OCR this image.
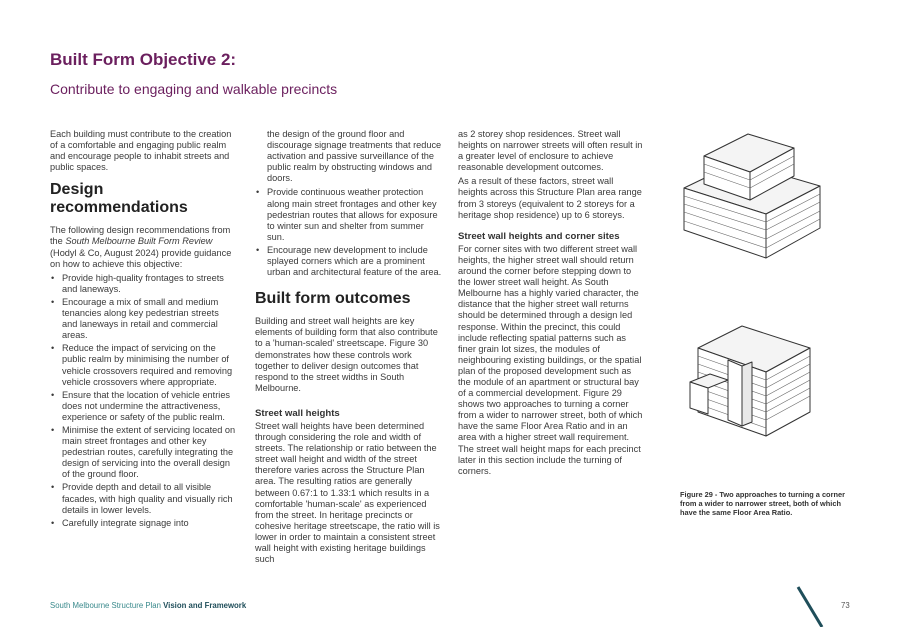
Built Form Objective 2:
Contribute to engaging and walkable precincts

Each building must contribute to the creation of a comfortable and engaging public realm and encourage people to inhabit streets and public spaces.

Design recommendations

The following design recommendations from the South Melbourne Built Form Review (Hodyl & Co, August 2024) provide guidance on how to achieve this objective:

• Provide high-quality frontages to streets and laneways.
• Encourage a mix of small and medium tenancies along key pedestrian streets and laneways in retail and commercial areas.
• Reduce the impact of servicing on the public realm by minimising the number of vehicle crossovers required and removing vehicle crossovers where appropriate.
• Ensure that the location of vehicle entries does not undermine the attractiveness, experience or safety of the public realm.
• Minimise the extent of servicing located on main street frontages and other key pedestrian routes, carefully integrating the design of servicing into the overall design of the ground floor.
• Provide depth and detail to all visible facades, with high quality and visually rich details in lower levels.
• Carefully integrate signage into

the design of the ground floor and discourage signage treatments that reduce activation and passive surveillance of the public realm by obstructing windows and doors.

• Provide continuous weather protection along main street frontages and other key pedestrian routes that allows for exposure to winter sun and shelter from summer sun.
• Encourage new development to include splayed corners which are a prominent urban and architectural feature of the area.
Built form outcomes

Building and street wall heights are key elements of building form that also contribute to a 'human-scaled' streetscape. Figure 30 demonstrates how these controls work together to deliver design outcomes that respond to the street widths in South Melbourne.

Street wall heights

Street wall heights have been determined through considering the role and width of streets. The relationship or ratio between the street wall height and width of the street therefore varies across the Structure Plan area. The resulting ratios are generally between 0.67:1 to 1.33:1 which results in a comfortable 'human-scale' as experienced from the street. In heritage precincts or cohesive heritage streetscape, the ratio will is lower in order to maintain a consistent street wall height with existing heritage buildings such

as 2 storey shop residences. Street wall heights on narrower streets will often result in a greater level of enclosure to achieve reasonable development outcomes.

As a result of these factors, street wall heights across this Structure Plan area range from 3 storeys (equivalent to 2 storeys for a heritage shop residence) up to 6 storeys.

Street wall heights and corner sites

For corner sites with two different street wall heights, the higher street wall should return around the corner before stepping down to the lower street wall height. As South Melbourne has a highly varied character, the distance that the higher street wall returns should be determined through a design led response. Within the precinct, this could include reflecting spatial patterns such as finer grain lot sizes, the modules of neighbouring existing buildings, or the spatial plan of the proposed development such as the module of an apartment or structural bay of a commercial development. Figure 29 shows two approaches to turning a corner from a wider to narrower street, both of which have the same Floor Area Ratio and in an area with a higher street wall requirement. The street wall height maps for each precinct later in this section include the turning of corners.

Figure 29 - Two approaches to turning a corner from a wider to narrower street, both of which have the same Floor Area Ratio.
South Melbourne Structure Plan Vision and Framework	73
